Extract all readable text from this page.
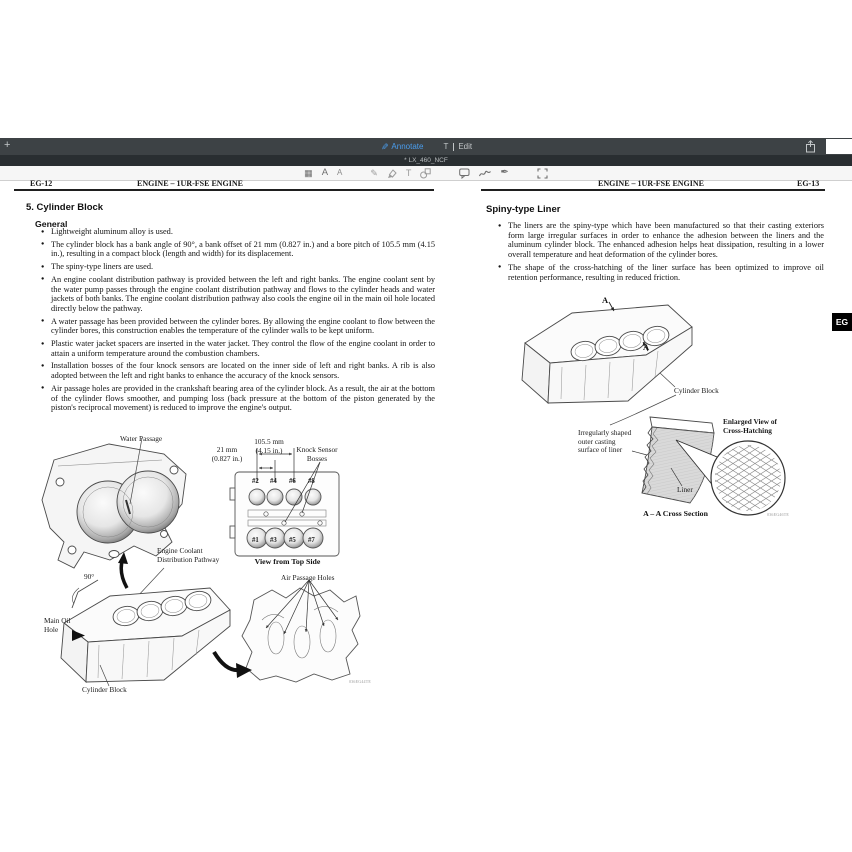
+	✎ Annotate	T Edit
* LX_460_NCF
▦ A A	✎	T	✒
EG-12	ENGINE – 1UR-FSE ENGINE
5. Cylinder Block
General
● Lightweight aluminum alloy is used.
● The cylinder block has a bank angle of 90°, a bank offset of 21 mm (0.827 in.) and a bore pitch of 105.5 mm (4.15 in.), resulting in a compact block (length and width) for its displacement.
● The spiny-type liners are used.
● An engine coolant distribution pathway is provided between the left and right banks. The engine coolant sent by the water pump passes through the engine coolant distribution pathway and flows to the cylinder heads and water jackets of both banks. The engine coolant distribution pathway also cools the engine oil in the main oil hole located directly below the pathway.
● A water passage has been provided between the cylinder bores. By allowing the engine coolant to flow between the cylinder bores, this construction enables the temperature of the cylinder walls to be kept uniform.
● Plastic water jacket spacers are inserted in the water jacket. They control the flow of the engine coolant in order to attain a uniform temperature around the combustion chambers.
● Installation bosses of the four knock sensors are located on the inner side of left and right banks. A rib is also adopted between the left and right banks to enhance the accuracy of the knock sensors.
● Air passage holes are provided in the crankshaft bearing area of the cylinder block. As a result, the air at the bottom of the cylinder flows smoother, and pumping loss (back pressure at the bottom of the piston generated by the piston's reciprocal movement) is reduced to improve the engine's output.
Water Passage
21 mm
(0.827 in.)
105.5 mm
(4.15 in.)	Knock Sensor
Bosses
#2 #4 #6 #8
#1 #3 #5 #7
View from Top Side
Engine Coolant
Distribution Pathway
90°
Main Oil
Hole
Air Passage Holes
Cylinder Block
036EG44TE
ENGINE – 1UR-FSE ENGINE	EG-13
Spiny-type Liner
● The liners are the spiny-type which have been manufactured so that their casting exteriors form large irregular surfaces in order to enhance the adhesion between the liners and the aluminum cylinder block. The enhanced adhesion helps heat dissipation, resulting in a lower overall temperature and heat deformation of the cylinder bores.
● The shape of the cross-hatching of the liner surface has been optimized to improve oil retention performance, resulting in reduced friction.
EG
A
A
Cylinder Block
Irregularly shaped
outer casting
surface of liner
Enlarged View of
Cross-Hatching
Liner
A – A Cross Section	036EG46TE
